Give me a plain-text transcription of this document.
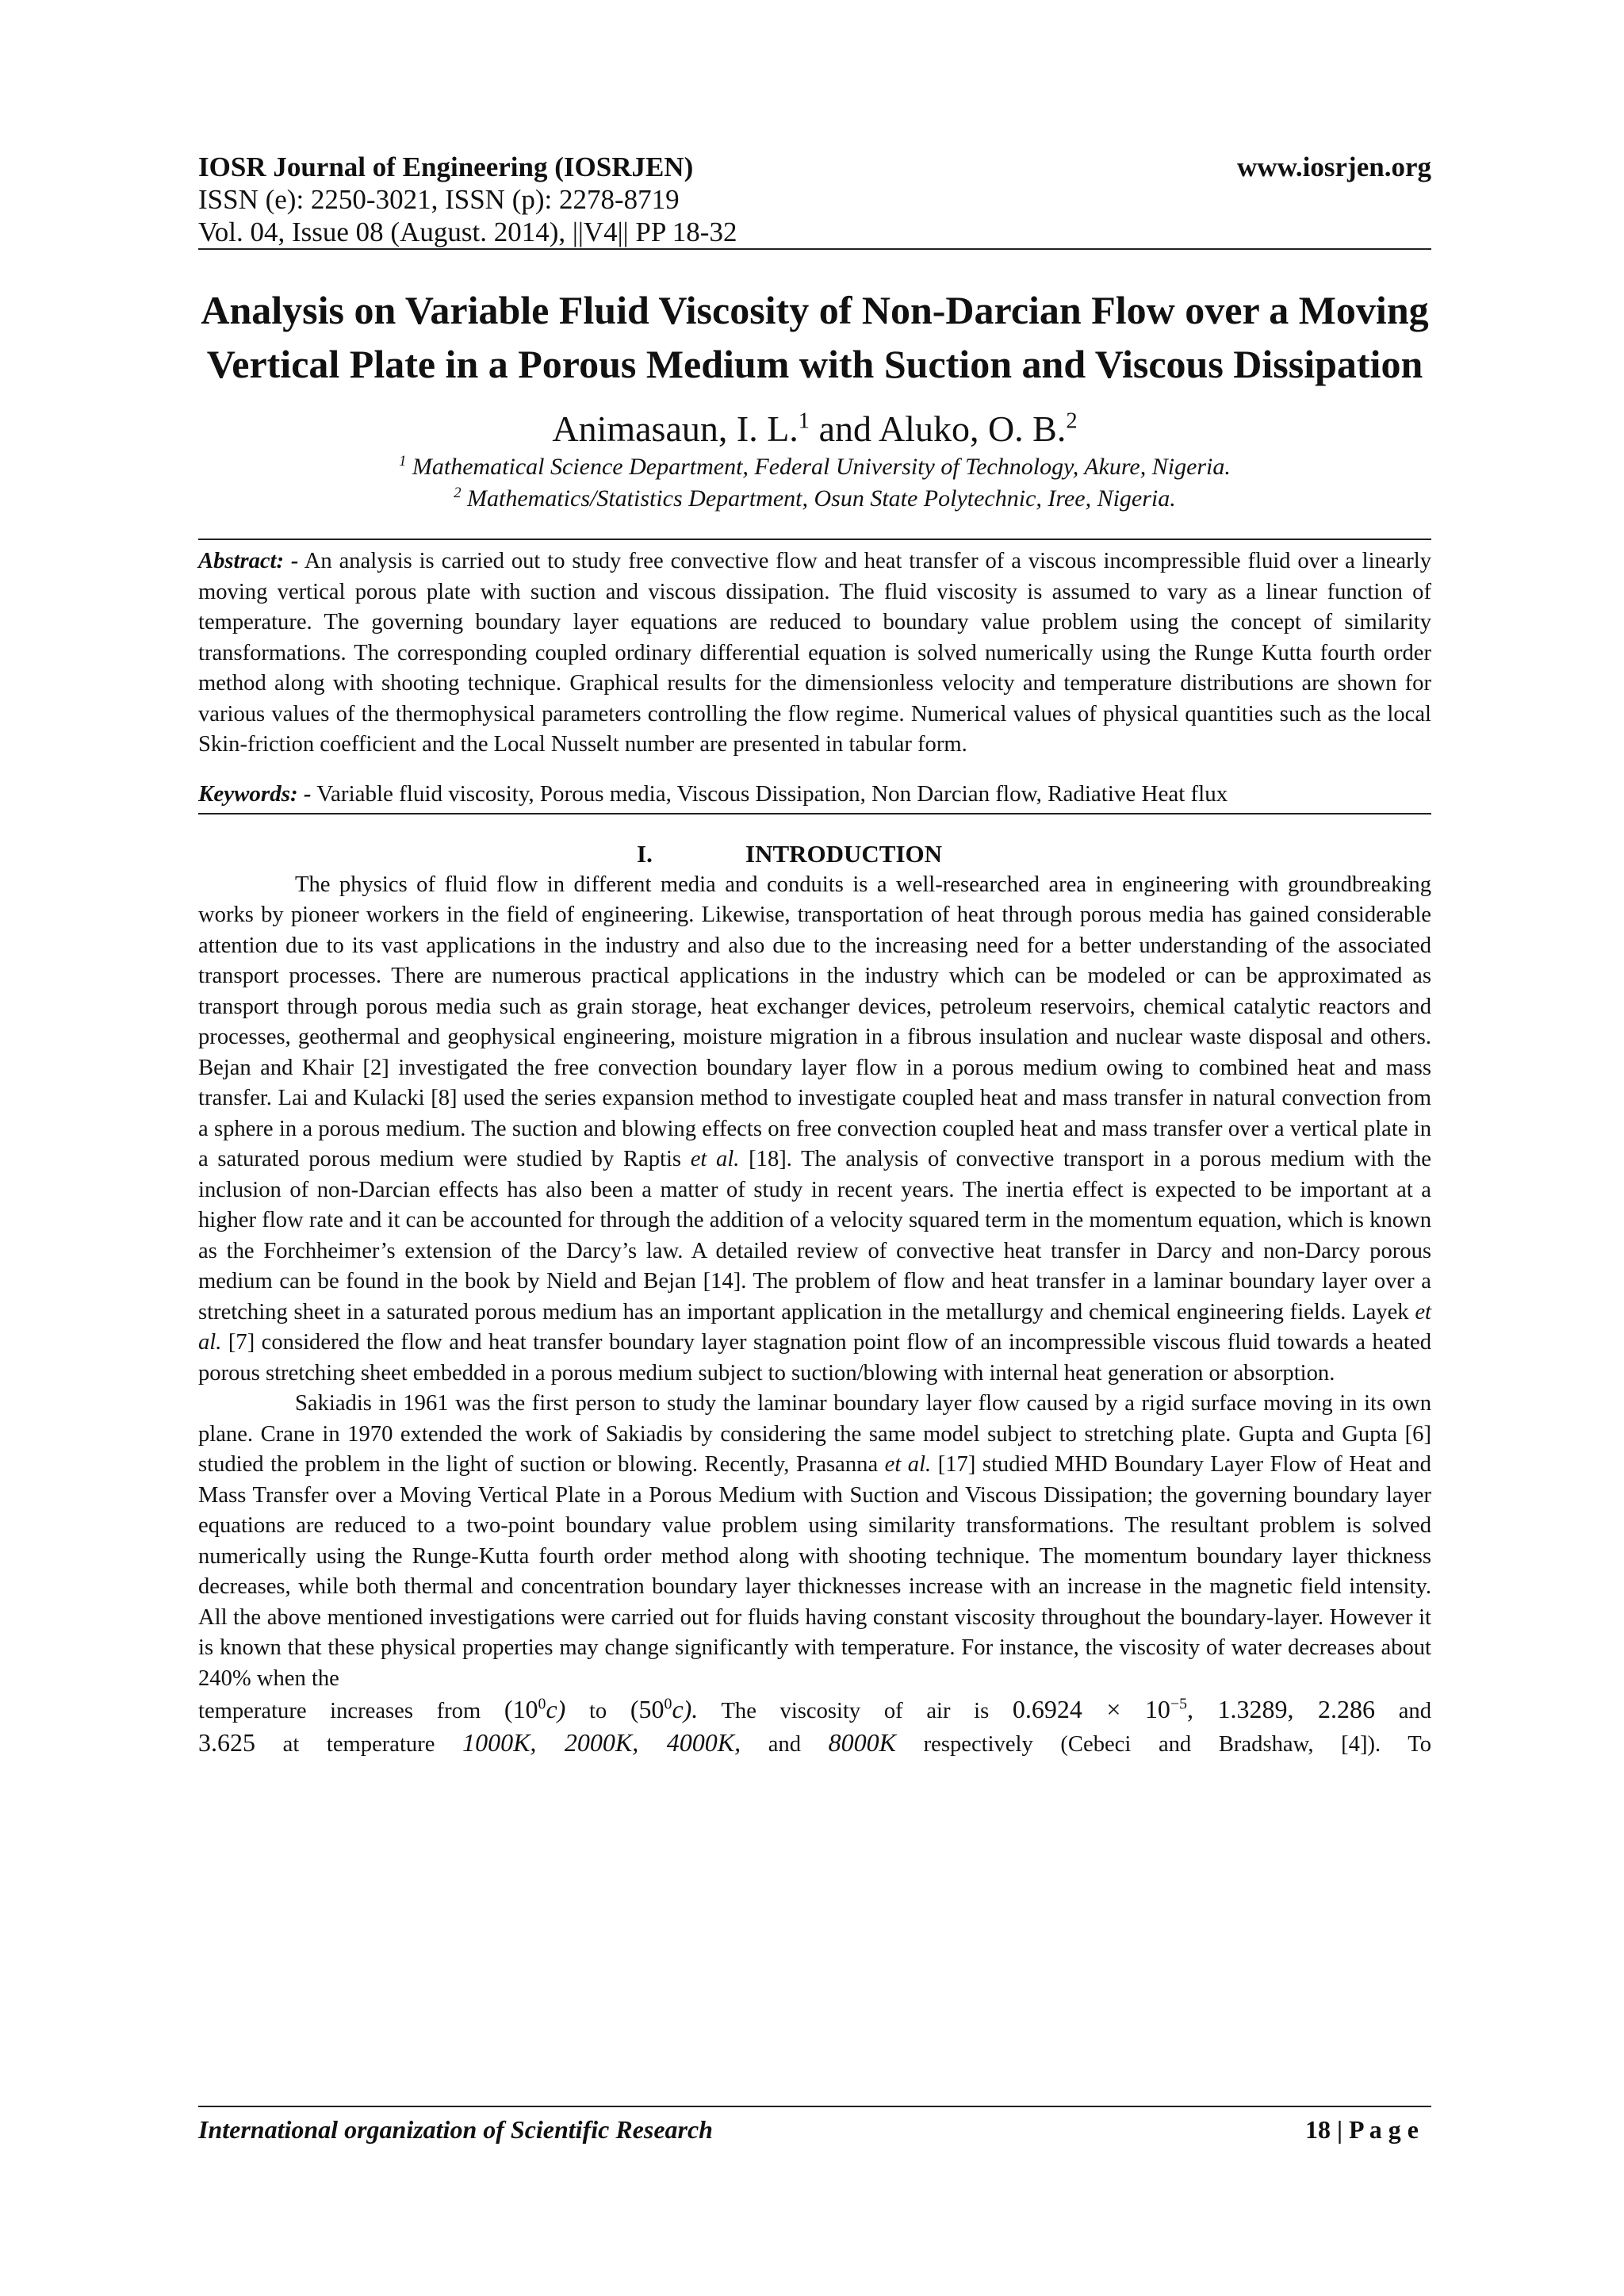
IOSR Journal of Engineering (IOSRJEN)	www.iosrjen.org
ISSN (e): 2250-3021, ISSN (p): 2278-8719
Vol. 04, Issue 08 (August. 2014), ||V4|| PP 18-32
Analysis on Variable Fluid Viscosity of Non-Darcian Flow over a Moving Vertical Plate in a Porous Medium with Suction and Viscous Dissipation
Animasaun, I. L.$^1$ and Aluko, O. B.$^2$
$^1$ Mathematical Science Department, Federal University of Technology, Akure, Nigeria.
$^2$ Mathematics/Statistics Department, Osun State Polytechnic, Iree, Nigeria.
Abstract: - An analysis is carried out to study free convective flow and heat transfer of a viscous incompressible fluid over a linearly moving vertical porous plate with suction and viscous dissipation. The fluid viscosity is assumed to vary as a linear function of temperature. The governing boundary layer equations are reduced to boundary value problem using the concept of similarity transformations. The corresponding coupled ordinary differential equation is solved numerically using the Runge Kutta fourth order method along with shooting technique. Graphical results for the dimensionless velocity and temperature distributions are shown for various values of the thermophysical parameters controlling the flow regime. Numerical values of physical quantities such as the local Skin-friction coefficient and the Local Nusselt number are presented in tabular form.
Keywords: - Variable fluid viscosity, Porous media, Viscous Dissipation, Non Darcian flow, Radiative Heat flux
I.	INTRODUCTION
The physics of fluid flow in different media and conduits is a well-researched area in engineering with groundbreaking works by pioneer workers in the field of engineering. Likewise, transportation of heat through porous media has gained considerable attention due to its vast applications in the industry and also due to the increasing need for a better understanding of the associated transport processes. There are numerous practical applications in the industry which can be modeled or can be approximated as transport through porous media such as grain storage, heat exchanger devices, petroleum reservoirs, chemical catalytic reactors and processes, geothermal and geophysical engineering, moisture migration in a fibrous insulation and nuclear waste disposal and others. Bejan and Khair [2] investigated the free convection boundary layer flow in a porous medium owing to combined heat and mass transfer. Lai and Kulacki [8] used the series expansion method to investigate coupled heat and mass transfer in natural convection from a sphere in a porous medium. The suction and blowing effects on free convection coupled heat and mass transfer over a vertical plate in a saturated porous medium were studied by Raptis et al. [18]. The analysis of convective transport in a porous medium with the inclusion of non-Darcian effects has also been a matter of study in recent years. The inertia effect is expected to be important at a higher flow rate and it can be accounted for through the addition of a velocity squared term in the momentum equation, which is known as the Forchheimer’s extension of the Darcy’s law. A detailed review of convective heat transfer in Darcy and non-Darcy porous medium can be found in the book by Nield and Bejan [14]. The problem of flow and heat transfer in a laminar boundary layer over a stretching sheet in a saturated porous medium has an important application in the metallurgy and chemical engineering fields. Layek et al. [7] considered the flow and heat transfer boundary layer stagnation point flow of an incompressible viscous fluid towards a heated porous stretching sheet embedded in a porous medium subject to suction/blowing with internal heat generation or absorption.
Sakiadis in 1961 was the first person to study the laminar boundary layer flow caused by a rigid surface moving in its own plane. Crane in 1970 extended the work of Sakiadis by considering the same model subject to stretching plate. Gupta and Gupta [6] studied the problem in the light of suction or blowing. Recently, Prasanna et al. [17] studied MHD Boundary Layer Flow of Heat and Mass Transfer over a Moving Vertical Plate in a Porous Medium with Suction and Viscous Dissipation; the governing boundary layer equations are reduced to a two-point boundary value problem using similarity transformations. The resultant problem is solved numerically using the Runge-Kutta fourth order method along with shooting technique. The momentum boundary layer thickness decreases, while both thermal and concentration boundary layer thicknesses increase with an increase in the magnetic field intensity. All the above mentioned investigations were carried out for fluids having constant viscosity throughout the boundary-layer. However it is known that these physical properties may change significantly with temperature. For instance, the viscosity of water decreases about 240% when the
temperature increases from $(10^0c)$ to $(50^0c)$. The viscosity of air is $0.6924 \times 10^{-5}$, 1.3289, 2.286 and
3.625 at temperature 1000K, 2000K, 4000K, and 8000K respectively (Cebeci and Bradshaw, [4]). To
International organization of Scientific Research	18 | P a g e
